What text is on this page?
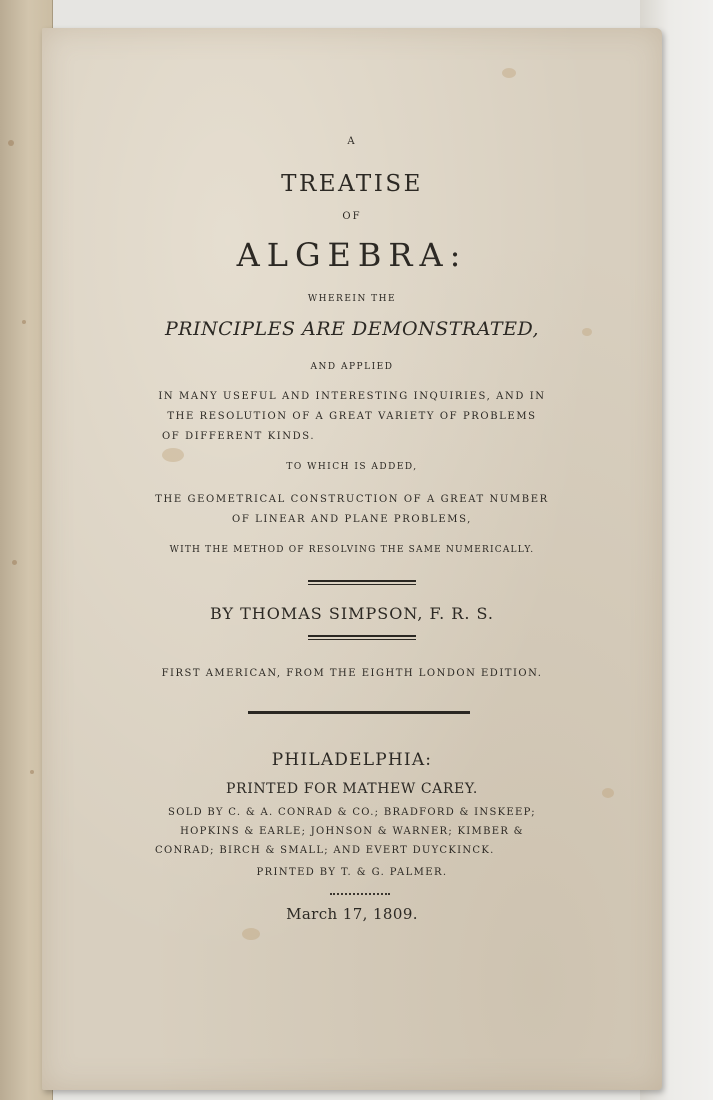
A

TREATISE

OF

ALGEBRA:

WHEREIN THE

PRINCIPLES ARE DEMONSTRATED,

AND APPLIED

IN MANY USEFUL AND INTERESTING INQUIRIES, AND IN

THE RESOLUTION OF A GREAT VARIETY OF PROBLEMS

OF DIFFERENT KINDS.

TO WHICH IS ADDED,

THE GEOMETRICAL CONSTRUCTION OF A GREAT NUMBER

OF LINEAR AND PLANE PROBLEMS,

WITH THE METHOD OF RESOLVING THE SAME NUMERICALLY.

BY THOMAS SIMPSON, F. R. S.

FIRST AMERICAN, FROM THE EIGHTH LONDON EDITION.

PHILADELPHIA:

PRINTED FOR MATHEW CAREY.

SOLD BY C. & A. CONRAD & CO.; BRADFORD & INSKEEP;

HOPKINS & EARLE; JOHNSON & WARNER; KIMBER &

CONRAD; BIRCH & SMALL; AND EVERT DUYCKINCK.

PRINTED BY T. & G. PALMER.

March 17, 1809.
